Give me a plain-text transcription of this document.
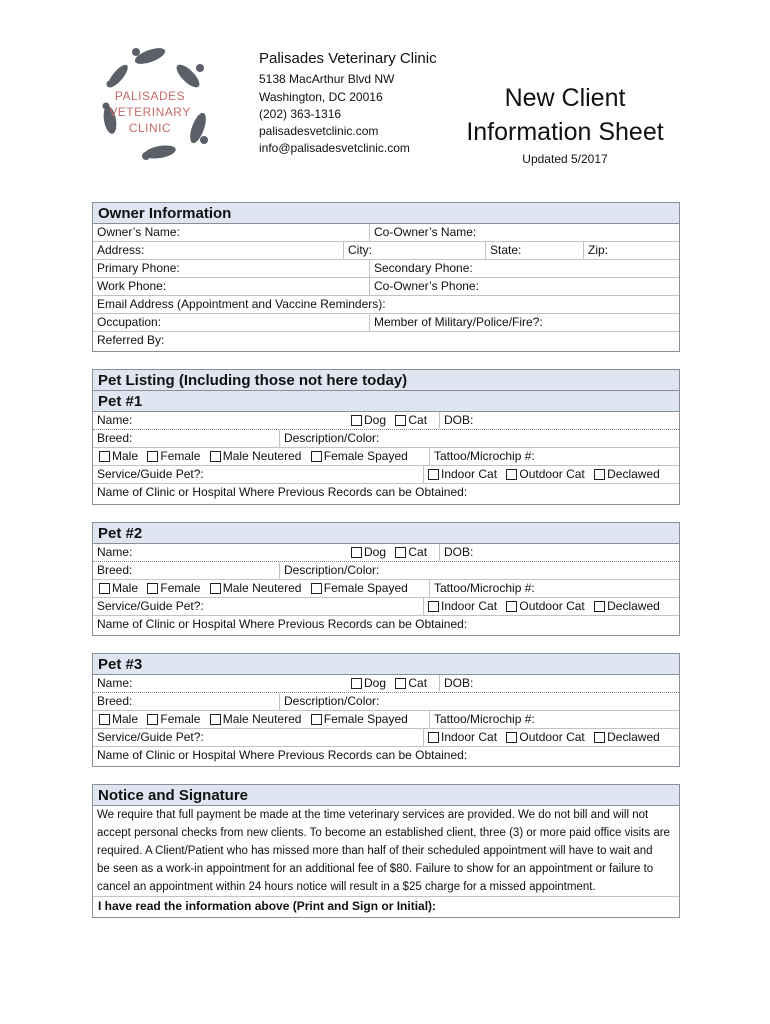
PALISADES
VETERINARY
CLINIC
Palisades Veterinary Clinic
5138 MacArthur Blvd NW
Washington, DC 20016
(202) 363-1316
palisadesvetclinic.com
info@palisadesvetclinic.com
New Client
Information Sheet
Updated 5/2017
Owner Information
Owner’s Name:	Co-Owner’s Name:
Address:	City:	State:	Zip:
Primary Phone:	Secondary Phone:
Work Phone:	Co-Owner’s Phone:
Email Address (Appointment and Vaccine Reminders):
Occupation:	Member of Military/Police/Fire?:
Referred By:
Pet Listing (Including those not here today)
Pet #1
Name:	Dog Cat	DOB:
Breed:	Description/Color:
Male Female Male Neutered Female Spayed	Tattoo/Microchip #:
Service/Guide Pet?:	Indoor Cat Outdoor Cat Declawed
Name of Clinic or Hospital Where Previous Records can be Obtained:
Pet #2
Name:	Dog Cat	DOB:
Breed:	Description/Color:
Male Female Male Neutered Female Spayed	Tattoo/Microchip #:
Service/Guide Pet?:	Indoor Cat Outdoor Cat Declawed
Name of Clinic or Hospital Where Previous Records can be Obtained:
Pet #3
Name:	Dog Cat	DOB:
Breed:	Description/Color:
Male Female Male Neutered Female Spayed	Tattoo/Microchip #:
Service/Guide Pet?:	Indoor Cat Outdoor Cat Declawed
Name of Clinic or Hospital Where Previous Records can be Obtained:
Notice and Signature
We require that full payment be made at the time veterinary services are provided. We do not bill and will not
accept personal checks from new clients. To become an established client, three (3) or more paid office visits are
required. A Client/Patient who has missed more than half of their scheduled appointment will have to wait and
be seen as a work-in appointment for an additional fee of $80. Failure to show for an appointment or failure to
cancel an appointment within 24 hours notice will result in a $25 charge for a missed appointment.
I have read the information above (Print and Sign or Initial):
